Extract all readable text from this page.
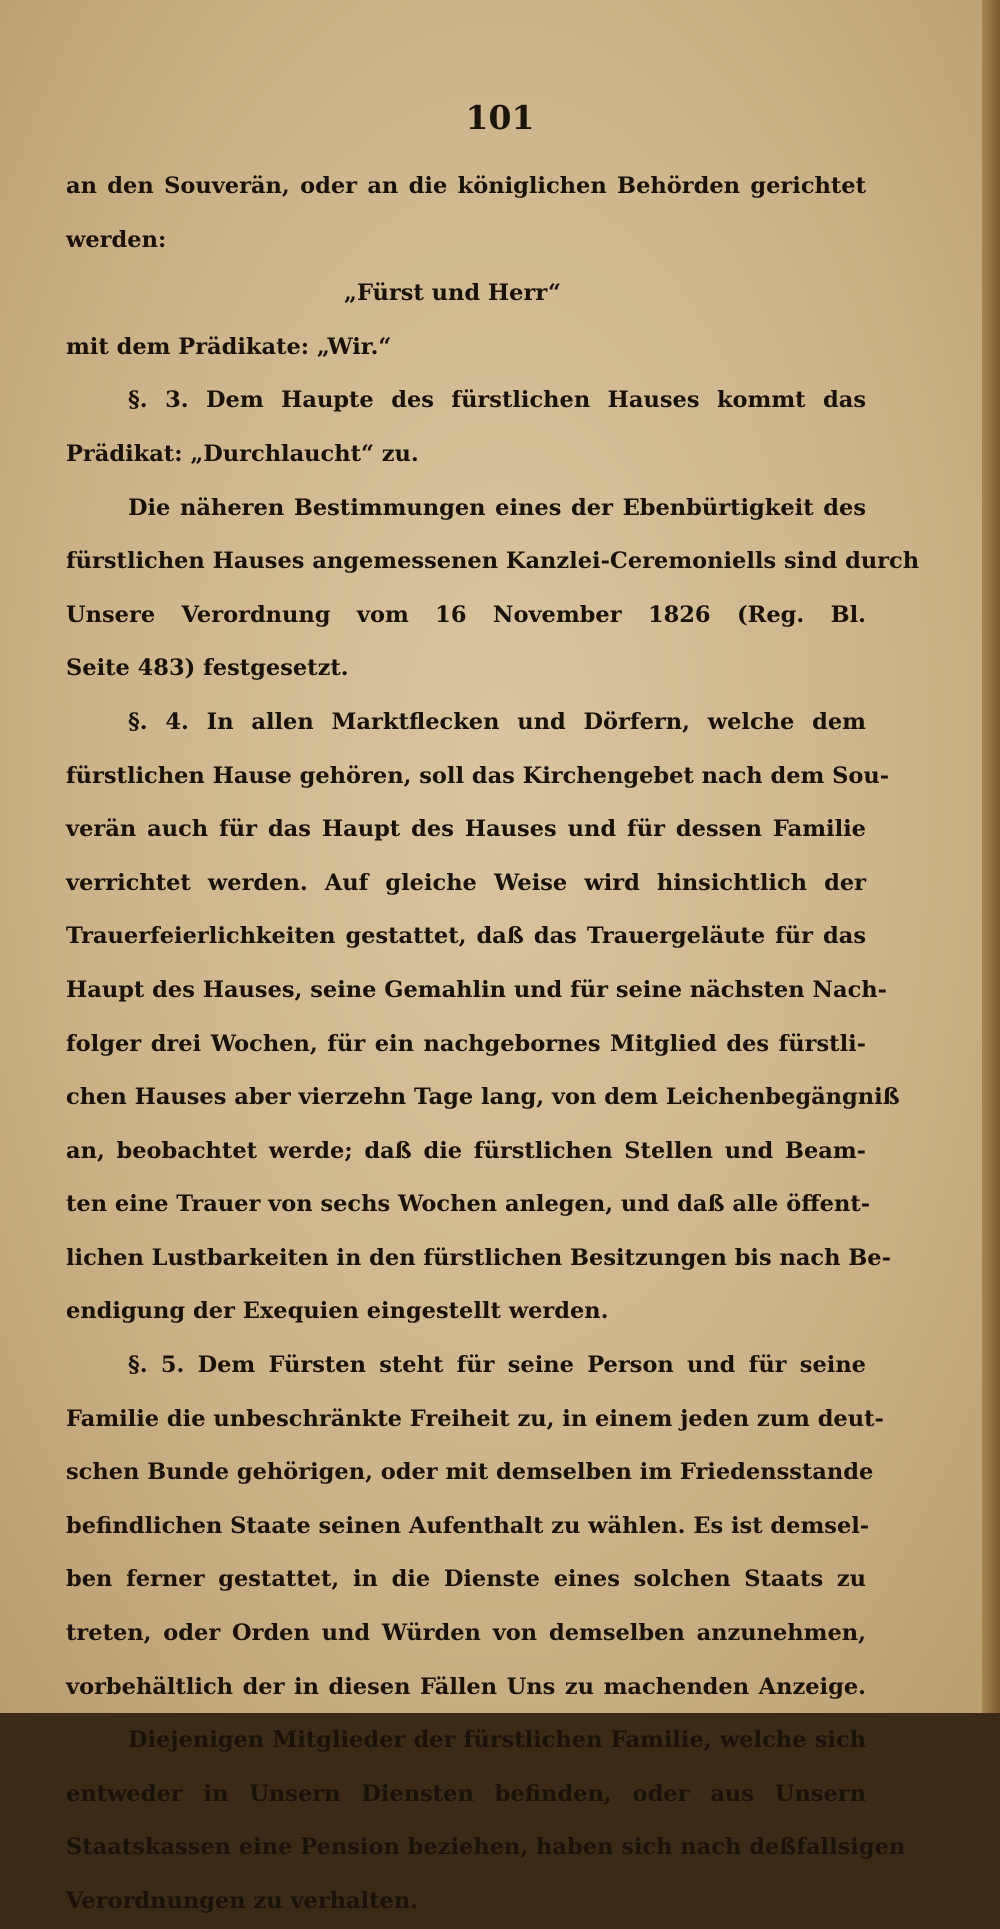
101
an den Souverän, oder an die königlichen Behörden gerichtet
werden:
„Fürst und Herr“
mit dem Prädikate: „Wir.“
§. 3. Dem Haupte des fürstlichen Hauses kommt das
Prädikat: „Durchlaucht“ zu.
Die näheren Bestimmungen eines der Ebenbürtigkeit des
fürstlichen Hauses angemessenen Kanzlei-Ceremoniells sind durch
Unsere Verordnung vom 16 November 1826 (Reg. Bl.
Seite 483) festgesetzt.
§. 4. In allen Marktflecken und Dörfern, welche dem
fürstlichen Hause gehören, soll das Kirchengebet nach dem Sou-
verän auch für das Haupt des Hauses und für dessen Familie
verrichtet werden. Auf gleiche Weise wird hinsichtlich der
Trauerfeierlichkeiten gestattet, daß das Trauergeläute für das
Haupt des Hauses, seine Gemahlin und für seine nächsten Nach-
folger drei Wochen, für ein nachgebornes Mitglied des fürstli-
chen Hauses aber vierzehn Tage lang, von dem Leichenbegängniß
an, beobachtet werde; daß die fürstlichen Stellen und Beam-
ten eine Trauer von sechs Wochen anlegen, und daß alle öffent-
lichen Lustbarkeiten in den fürstlichen Besitzungen bis nach Be-
endigung der Exequien eingestellt werden.
§. 5. Dem Fürsten steht für seine Person und für seine
Familie die unbeschränkte Freiheit zu, in einem jeden zum deut-
schen Bunde gehörigen, oder mit demselben im Friedensstande
befindlichen Staate seinen Aufenthalt zu wählen. Es ist demsel-
ben ferner gestattet, in die Dienste eines solchen Staats zu
treten, oder Orden und Würden von demselben anzunehmen,
vorbehältlich der in diesen Fällen Uns zu machenden Anzeige.
Diejenigen Mitglieder der fürstlichen Familie, welche sich
entweder in Unsern Diensten befinden, oder aus Unsern
Staatskassen eine Pension beziehen, haben sich nach deßfallsigen
Verordnungen zu verhalten.
